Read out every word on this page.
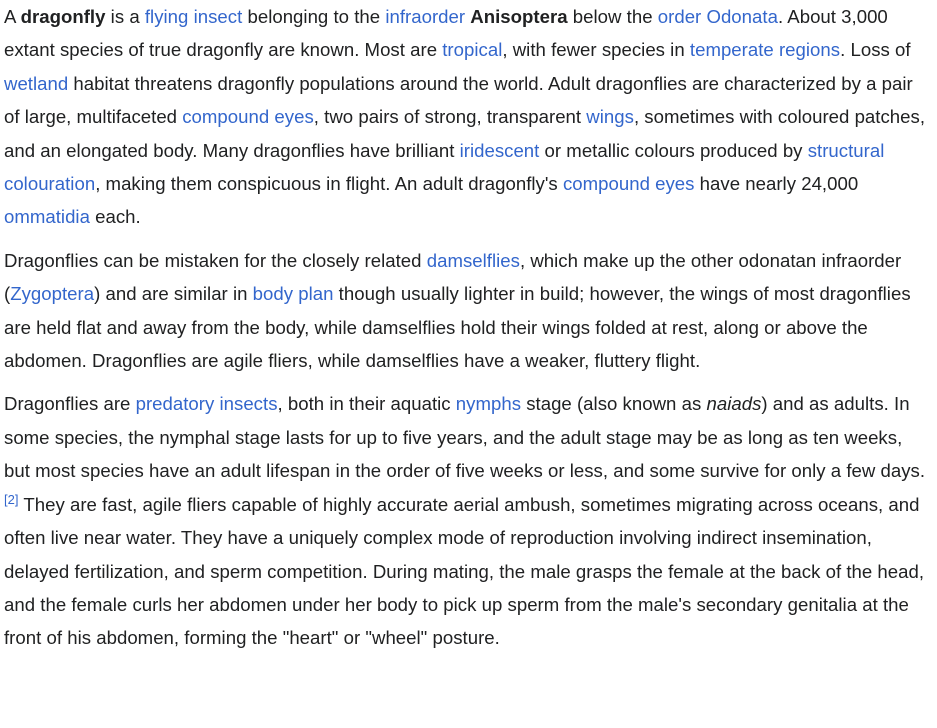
A dragonfly is a flying insect belonging to the infraorder Anisoptera below the order Odonata. About 3,000 extant species of true dragonfly are known. Most are tropical, with fewer species in temperate regions. Loss of wetland habitat threatens dragonfly populations around the world. Adult dragonflies are characterized by a pair of large, multifaceted compound eyes, two pairs of strong, transparent wings, sometimes with coloured patches, and an elongated body. Many dragonflies have brilliant iridescent or metallic colours produced by structural colouration, making them conspicuous in flight. An adult dragonfly's compound eyes have nearly 24,000 ommatidia each.

Dragonflies can be mistaken for the closely related damselflies, which make up the other odonatan infraorder (Zygoptera) and are similar in body plan though usually lighter in build; however, the wings of most dragonflies are held flat and away from the body, while damselflies hold their wings folded at rest, along or above the abdomen. Dragonflies are agile fliers, while damselflies have a weaker, fluttery flight.

Dragonflies are predatory insects, both in their aquatic nymphs stage (also known as naiads) and as adults. In some species, the nymphal stage lasts for up to five years, and the adult stage may be as long as ten weeks, but most species have an adult lifespan in the order of five weeks or less, and some survive for only a few days.[2] They are fast, agile fliers capable of highly accurate aerial ambush, sometimes migrating across oceans, and often live near water. They have a uniquely complex mode of reproduction involving indirect insemination, delayed fertilization, and sperm competition. During mating, the male grasps the female at the back of the head, and the female curls her abdomen under her body to pick up sperm from the male's secondary genitalia at the front of his abdomen, forming the "heart" or "wheel" posture.
